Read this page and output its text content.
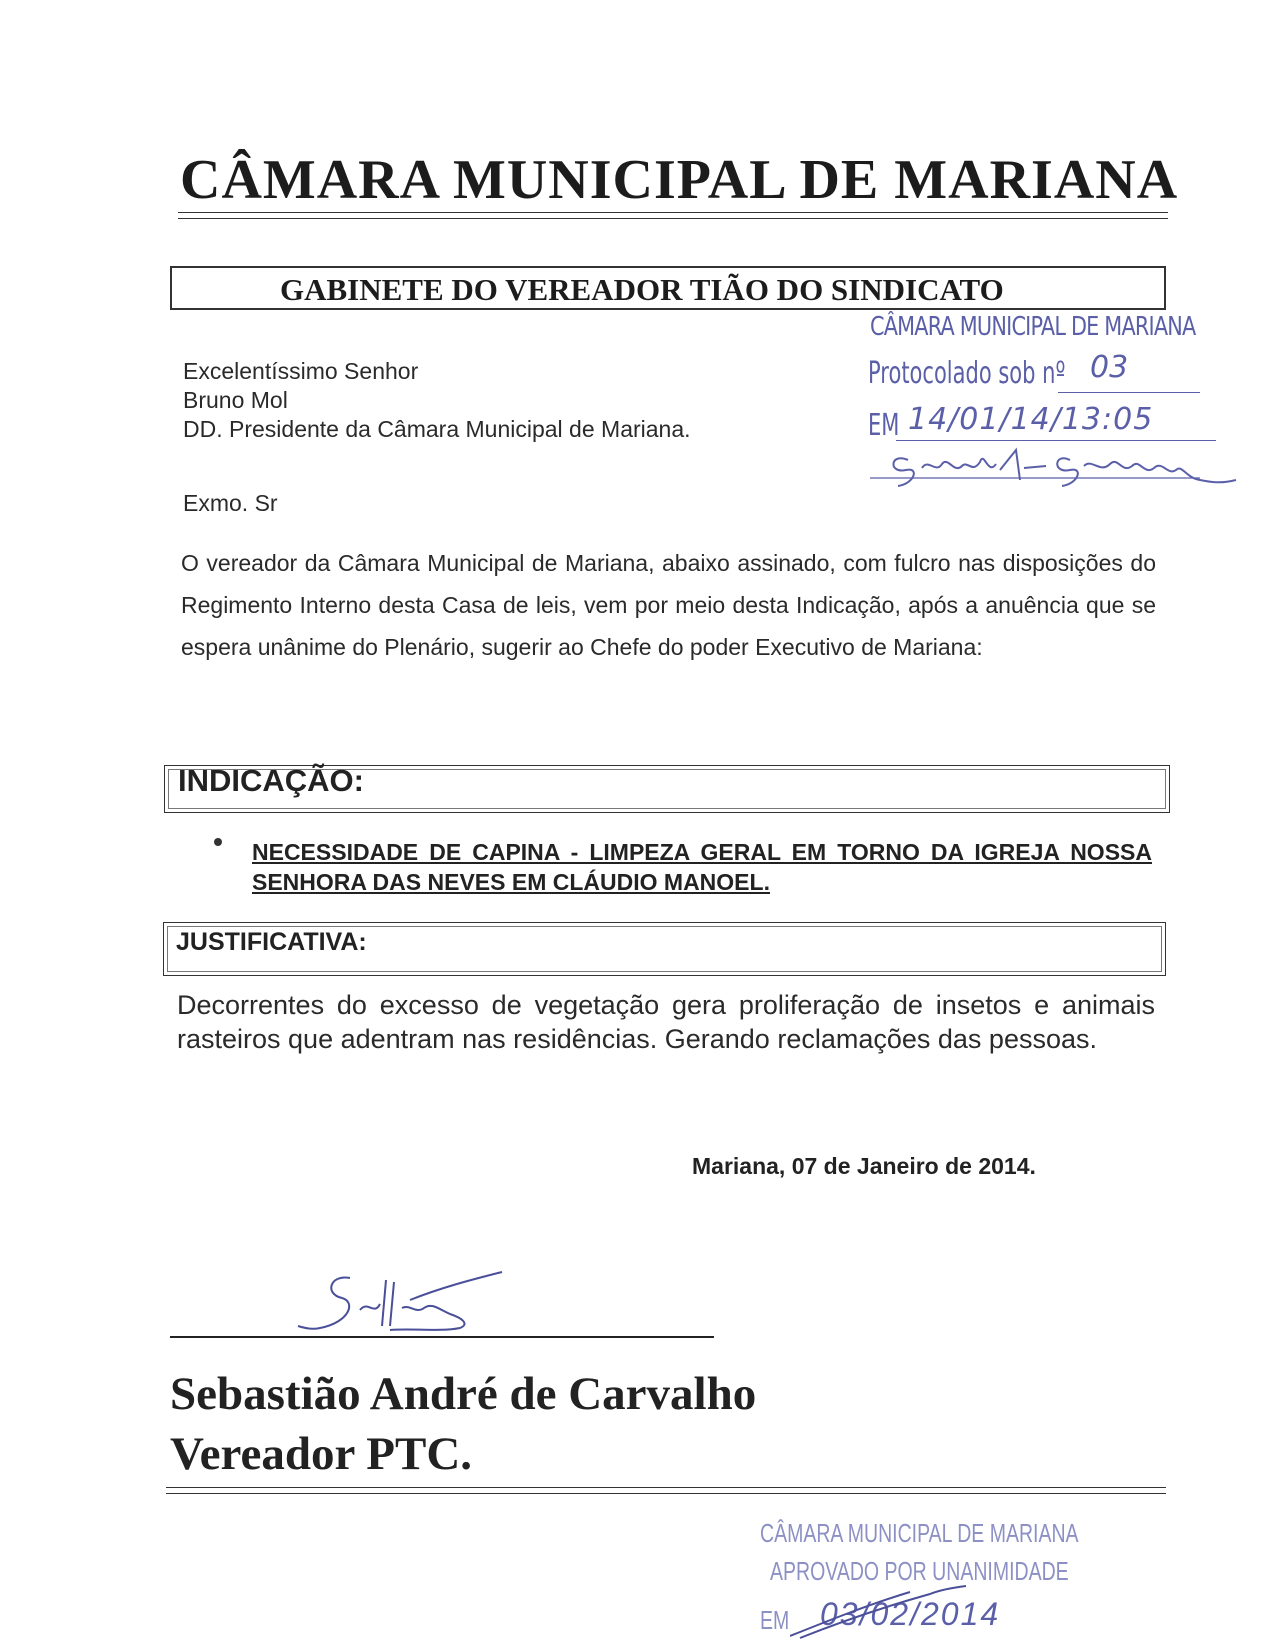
CÂMARA MUNICIPAL DE MARIANA
GABINETE DO VEREADOR TIÃO DO SINDICATO
CÂMARA MUNICIPAL DE MARIANA
Protocolado sob nº 03
EM 14/01/14/13:05
Excelentíssimo Senhor
Bruno Mol
DD. Presidente da Câmara Municipal de Mariana.
Exmo. Sr
O vereador da Câmara Municipal de Mariana, abaixo assinado, com fulcro nas disposições do Regimento Interno desta Casa de leis, vem por meio desta Indicação, após a anuência que se espera unânime do Plenário, sugerir ao Chefe do poder Executivo de Mariana:
INDICAÇÃO:
NECESSIDADE DE CAPINA - LIMPEZA GERAL EM TORNO DA IGREJA NOSSA SENHORA DAS NEVES EM CLÁUDIO MANOEL.
JUSTIFICATIVA:
Decorrentes do excesso de vegetação gera proliferação de insetos e animais rasteiros que adentram nas residências. Gerando reclamações das pessoas.
Mariana, 07 de Janeiro de 2014.
Sebastião André de Carvalho
Vereador PTC.
CÂMARA MUNICIPAL DE MARIANA
APROVADO POR UNANIMIDADE
EM 03/02/2014
